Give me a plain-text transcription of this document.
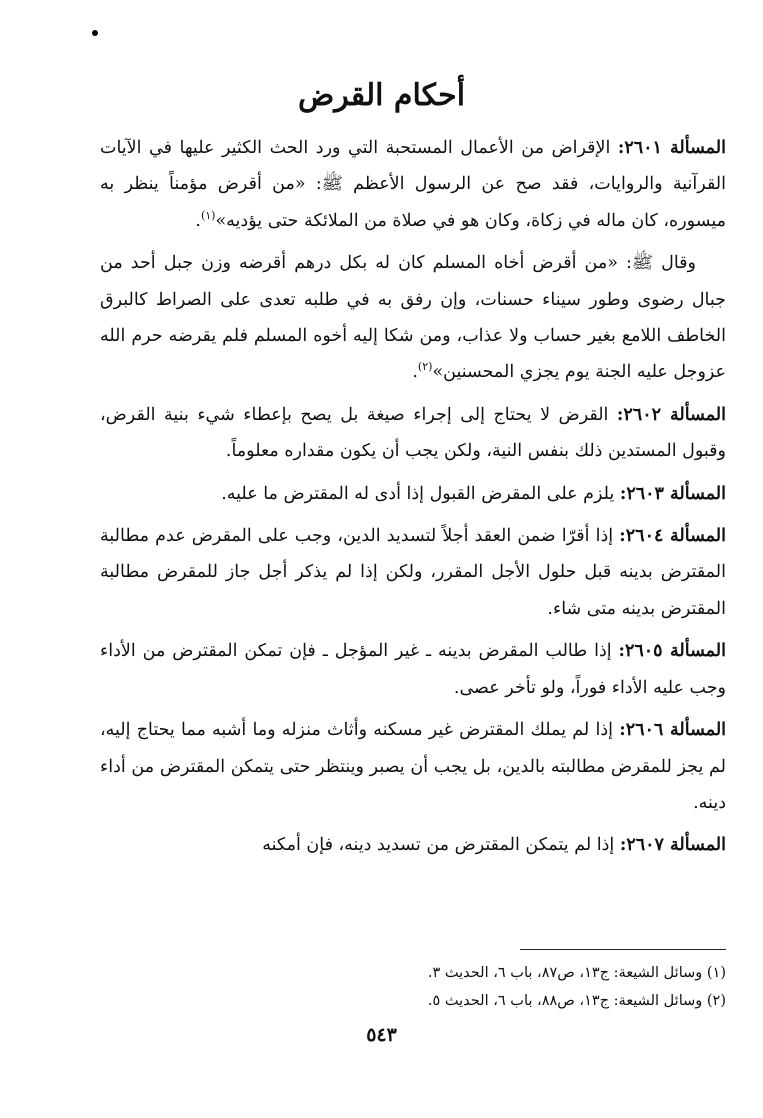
أحكام القرض

المسألة ٢٦٠١: الإقراض من الأعمال المستحبة التي ورد الحث الكثير عليها في الآيات القرآنية والروايات، فقد صح عن الرسول الأعظم ﷺ: «من أقرض مؤمناً ينظر به ميسوره، كان ماله في زكاة، وكان هو في صلاة من الملائكة حتى يؤديه»$^{(١)}$.

وقال ﷺ: «من أقرض أخاه المسلم كان له بكل درهم أقرضه وزن جبل أحد من جبال رضوى وطور سيناء حسنات، وإن رفق به في طلبه تعدى على الصراط كالبرق الخاطف اللامع بغير حساب ولا عذاب، ومن شكا إليه أخوه المسلم فلم يقرضه حرم الله عزوجل عليه الجنة يوم يجزي المحسنين»$^{(٢)}$.

المسألة ٢٦٠٢: القرض لا يحتاج إلى إجراء صيغة بل يصح بإعطاء شيء بنية القرض، وقبول المستدين ذلك بنفس النية، ولكن يجب أن يكون مقداره معلوماً.

المسألة ٢٦٠٣: يلزم على المقرض القبول إذا أدى له المقترض ما عليه.

المسألة ٢٦٠٤: إذا أقرّا ضمن العقد أجلاً لتسديد الدين، وجب على المقرض عدم مطالبة المقترض بدينه قبل حلول الأجل المقرر، ولكن إذا لم يذكر أجل جاز للمقرض مطالبة المقترض بدينه متى شاء.

المسألة ٢٦٠٥: إذا طالب المقرض بدينه ـ غير المؤجل ـ فإن تمكن المقترض من الأداء وجب عليه الأداء فوراً، ولو تأخر عصى.

المسألة ٢٦٠٦: إذا لم يملك المقترض غير مسكنه وأثاث منزله وما أشبه مما يحتاج إليه، لم يجز للمقرض مطالبته بالدين، بل يجب أن يصبر وينتظر حتى يتمكن المقترض من أداء دينه.

المسألة ٢٦٠٧: إذا لم يتمكن المقترض من تسديد دينه، فإن أمكنه

(١) وسائل الشيعة: ج١٣، ص٨٧، باب ٦، الحديث ٣.
(٢) وسائل الشيعة: ج١٣، ص٨٨، باب ٦، الحديث ٥.
٥٤٣
